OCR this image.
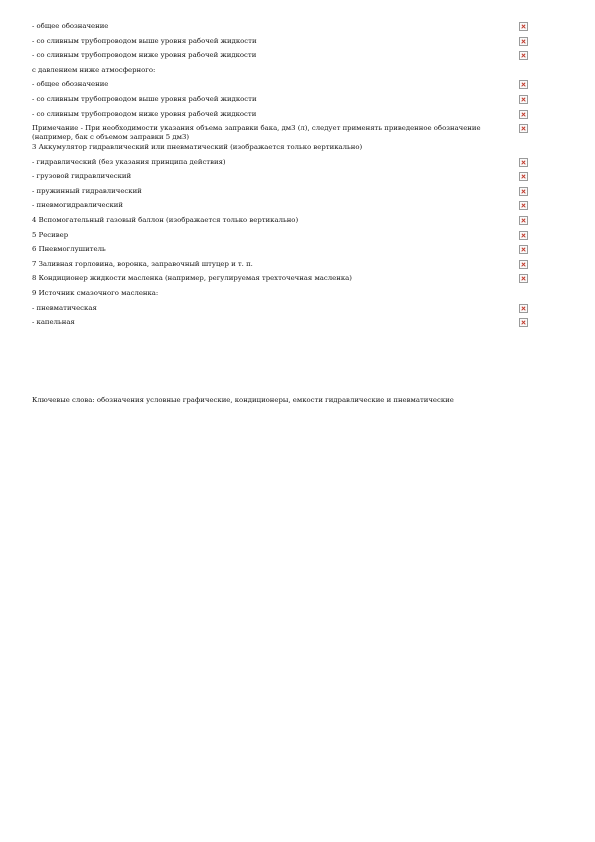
- общее обозначение
- со сливным трубопроводом выше уровня рабочей жидкости
- со сливным трубопроводом ниже уровня рабочей жидкости
с давлением ниже атмосферного:
- общее обозначение
- со сливным трубопроводом выше уровня рабочей жидкости
- со сливным трубопроводом ниже уровня рабочей жидкости
Примечание - При необходимости указания объема заправки бака, дм3 (л), следует применять приведенное обозначение (например, бак с объемом заправки 5 дм3)
3 Аккумулятор гидравлический или пневматический (изображается только вертикально)
- гидравлический (без указания принципа действия)
- грузовой гидравлический
- пружинный гидравлический
- пневмогидравлический
4 Вспомогательный газовый баллон (изображается только вертикально)
5 Ресивер
6 Пневмоглушитель
7 Заливная горловина, воронка, заправочный штуцер и т. п.
8 Кондиционер жидкости масленка (например, регулируемая трехточечная масленка)
9 Источник смазочного масленка:
- пневматическая
- капельная
Ключевые слова: обозначения условные графические, кондиционеры, емкости гидравлические и пневматические
